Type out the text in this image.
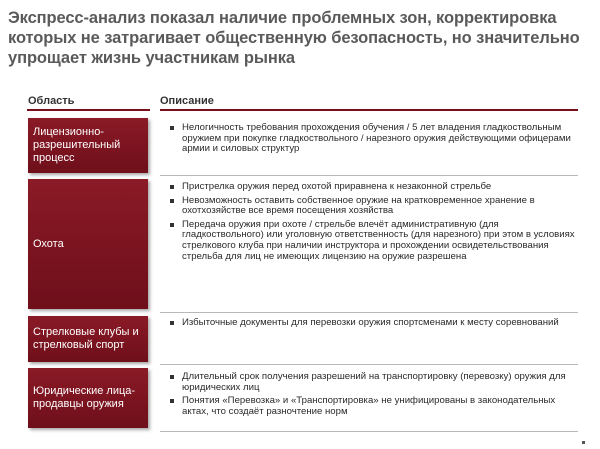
Экспресс-анализ показал наличие проблемных зон, корректировка которых не затрагивает общественную безопасность, но значительно упрощает жизнь участникам рынка
Область	Описание
Лицензионно-разрешительный процесс
Нелогичность требования прохождения обучения / 5 лет владения гладкоствольным оружием при покупке гладкоствольного / нарезного оружия действующими офицерами армии и силовых структур
Охота
Пристрелка оружия перед охотой приравнена к незаконной стрельбе
Невозможность оставить собственное оружие на кратковременное хранение в охотхозяйстве все время посещения хозяйства
Передача оружия при охоте / стрельбе влечёт административную (для гладкоствольного) или уголовную ответственность (для нарезного) при этом в условиях стрелкового клуба при наличии инструктора и прохождении освидетельствования стрельба для лиц не имеющих лицензию на оружие разрешена
Стрелковые клубы и стрелковый спорт
Избыточные документы для перевозки оружия спортсменами к месту соревнований
Юридические лица-продавцы оружия
Длительный срок получения разрешений на транспортировку (перевозку) оружия для юридических лиц
Понятия «Перевозка» и «Транспортировка» не унифицированы в законодательных актах, что создаёт разночтение норм
